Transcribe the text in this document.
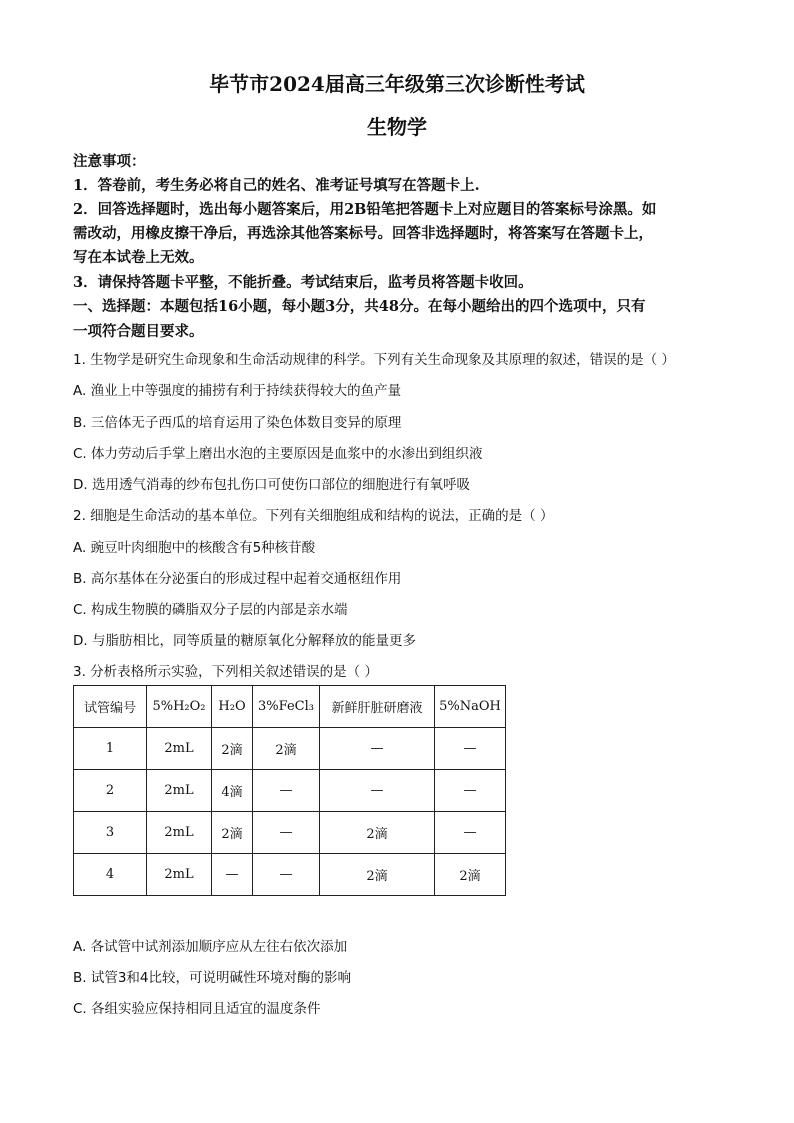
毕节市2024届高三年级第三次诊断性考试
生物学
注意事项：
1．答卷前，考生务必将自己的姓名、准考证号填写在答题卡上.
2．回答选择题时，选出每小题答案后，用2B铅笔把答题卡上对应题目的答案标号涂黑。如
需改动，用橡皮擦干净后，再选涂其他答案标号。回答非选择题时，将答案写在答题卡上，
写在本试卷上无效。
3．请保持答题卡平整，不能折叠。考试结束后，监考员将答题卡收回。
一、选择题：本题包括16小题，每小题3分，共48分。在每小题给出的四个选项中，只有
一项符合题目要求。
1. 生物学是研究生命现象和生命活动规律的科学。下列有关生命现象及其原理的叙述，错误的是（ ）
A. 渔业上中等强度的捕捞有利于持续获得较大的鱼产量
B. 三倍体无子西瓜的培育运用了染色体数目变异的原理
C. 体力劳动后手掌上磨出水泡的主要原因是血浆中的水渗出到组织液
D. 选用透气消毒的纱布包扎伤口可使伤口部位的细胞进行有氧呼吸
2. 细胞是生命活动的基本单位。下列有关细胞组成和结构的说法，正确的是（ ）
A. 豌豆叶肉细胞中的核酸含有5种核苷酸
B. 高尔基体在分泌蛋白的形成过程中起着交通枢纽作用
C. 构成生物膜的磷脂双分子层的内部是亲水端
D. 与脂肪相比，同等质量的糖原氧化分解释放的能量更多
3. 分析表格所示实验，下列相关叙述错误的是（ ）
试管编号	5%H₂O₂	H₂O	3%FeCl₃	新鲜肝脏研磨液	5%NaOH
1	2mL	2滴	2滴	—	—
2	2mL	4滴	—	—	—
3	2mL	2滴	—	2滴	—
4	2mL	—	—	2滴	2滴
A. 各试管中试剂添加顺序应从左往右依次添加
B. 试管3和4比较，可说明碱性环境对酶的影响
C. 各组实验应保持相同且适宜的温度条件
